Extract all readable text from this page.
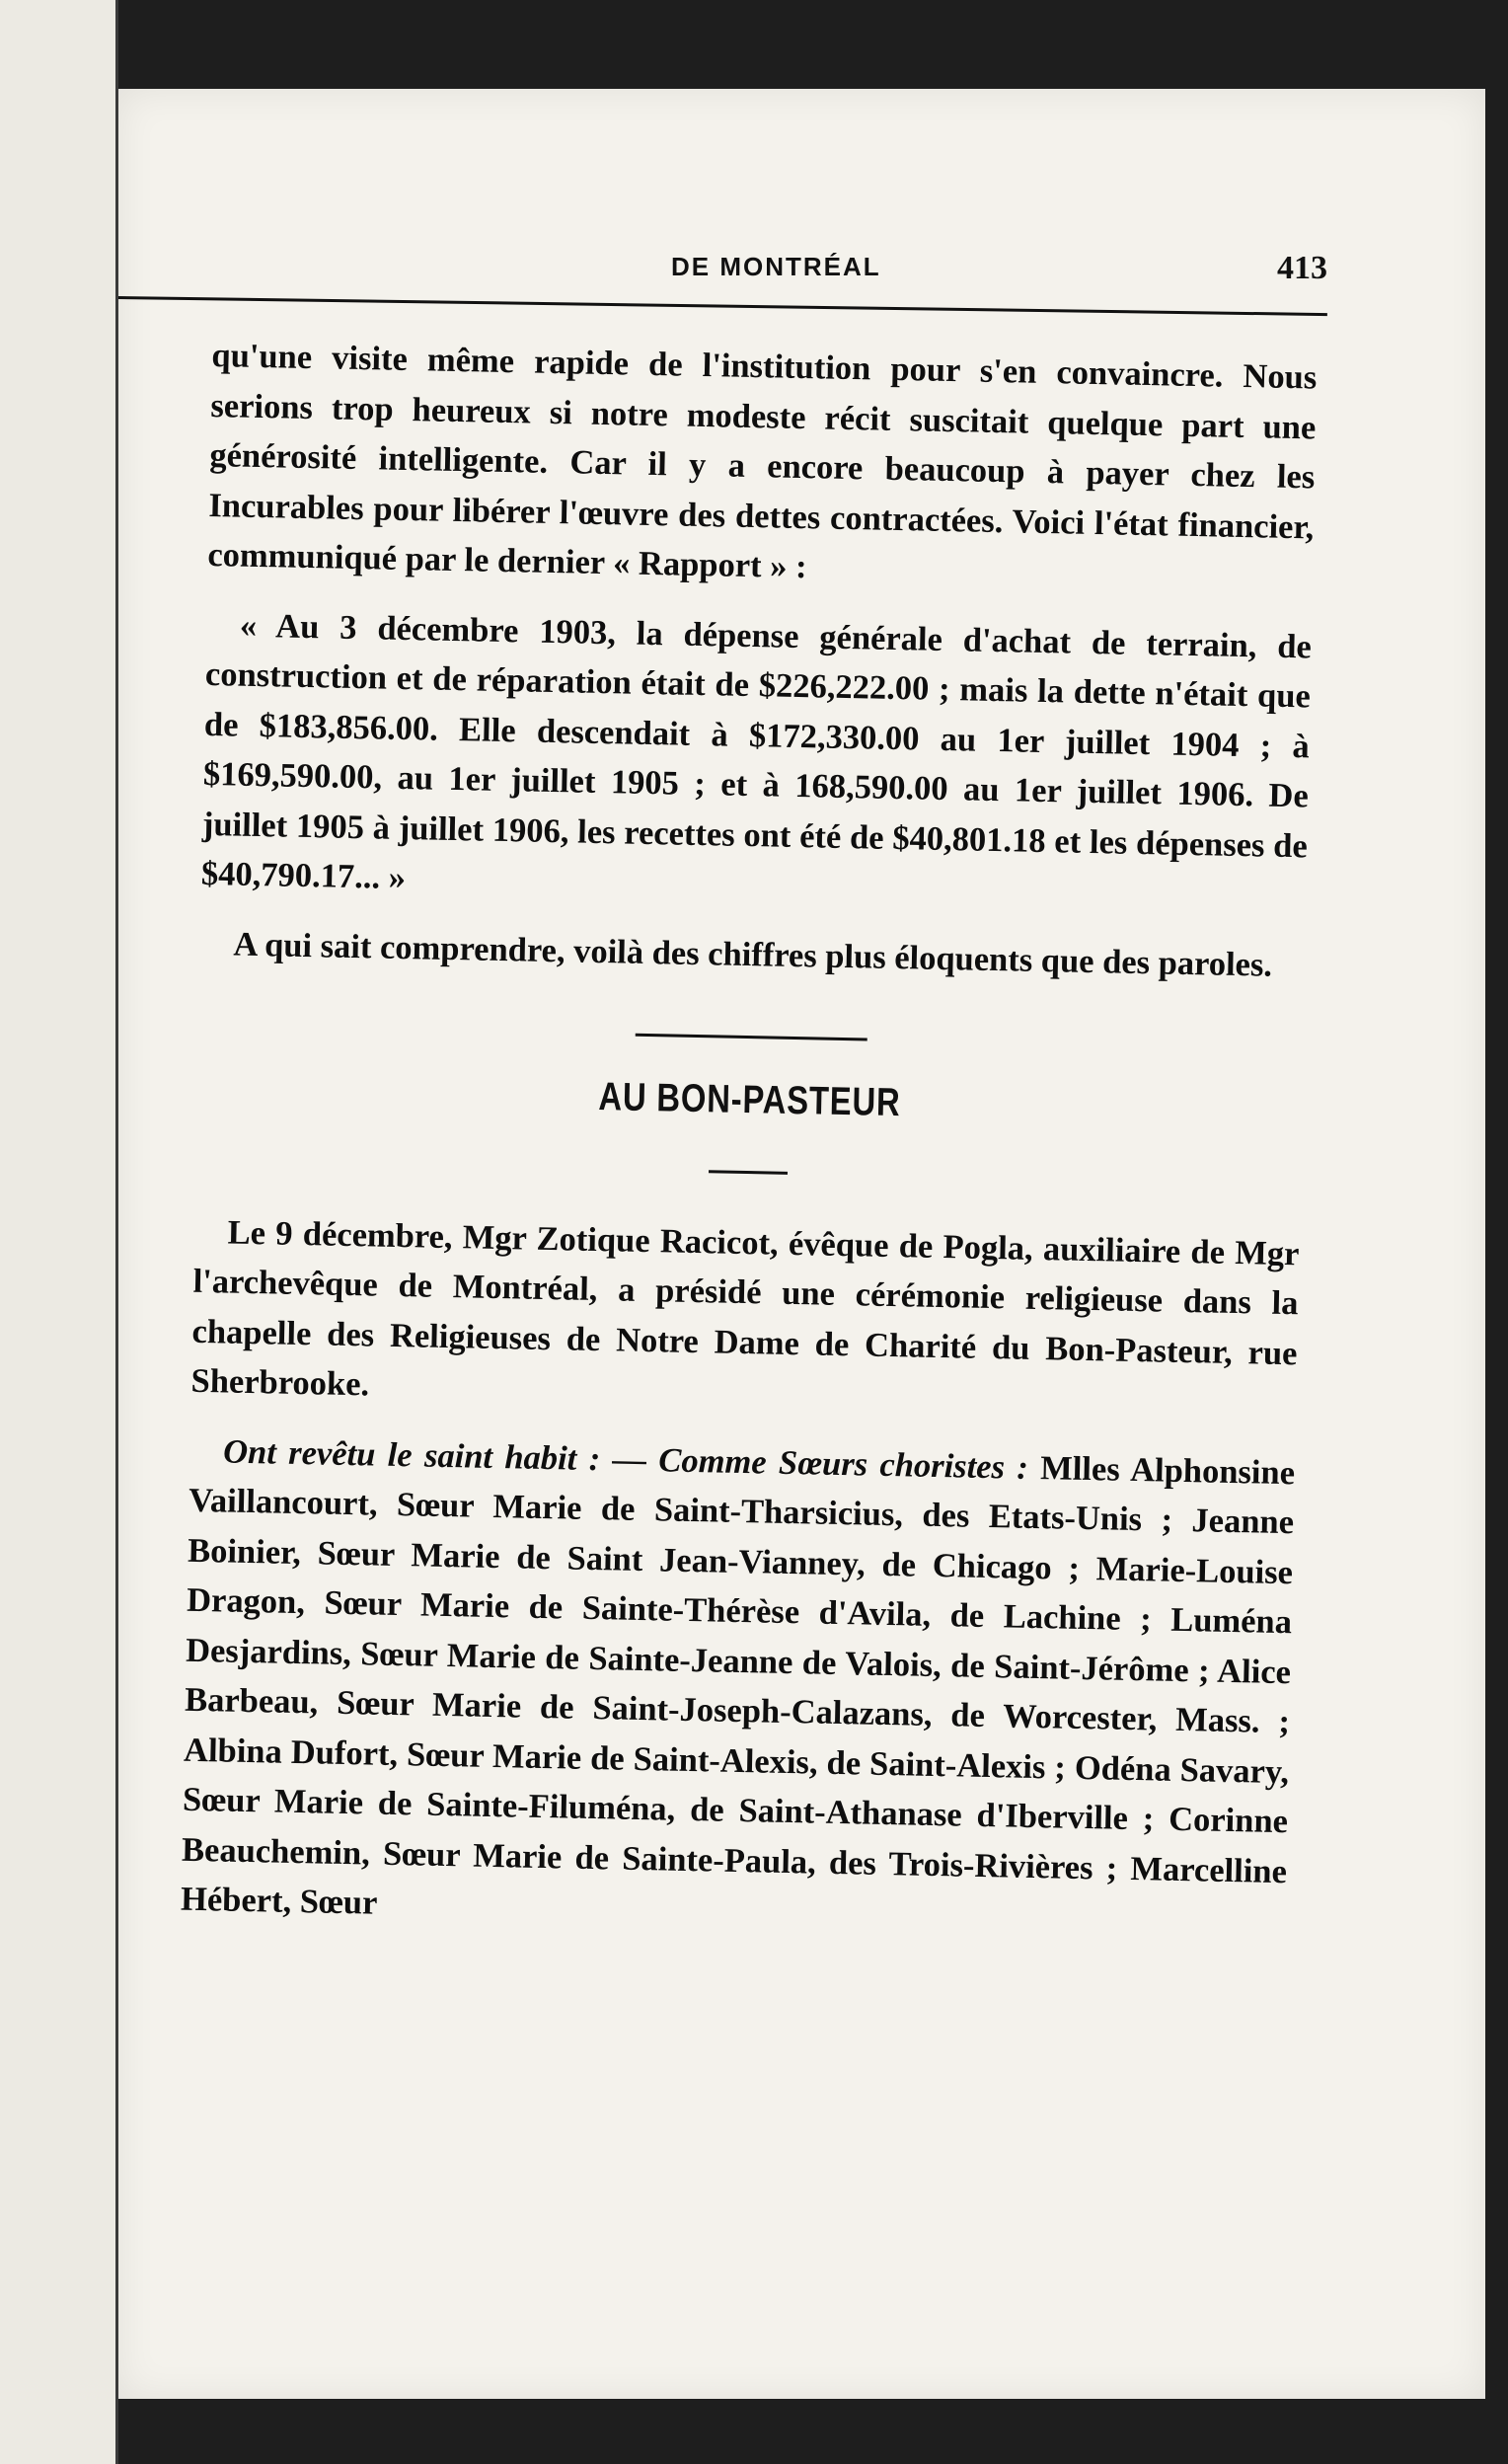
DE MONTRÉAL	413

qu'une visite même rapide de l'institution pour s'en convaincre. Nous serions trop heureux si notre modeste récit suscitait quelque part une générosité intelligente. Car il y a encore beaucoup à payer chez les Incurables pour libérer l'œuvre des dettes contractées. Voici l'état financier, communiqué par le dernier « Rapport » :

« Au 3 décembre 1903, la dépense générale d'achat de terrain, de construction et de réparation était de $226,222.00 ; mais la dette n'était que de $183,856.00. Elle descendait à $172,330.00 au 1er juillet 1904 ; à $169,590.00, au 1er juillet 1905 ; et à 168,590.00 au 1er juillet 1906. De juillet 1905 à juillet 1906, les recettes ont été de $40,801.18 et les dépenses de $40,790.17... »

A qui sait comprendre, voilà des chiffres plus éloquents que des paroles.

AU BON-PASTEUR

Le 9 décembre, Mgr Zotique Racicot, évêque de Pogla, auxiliaire de Mgr l'archevêque de Montréal, a présidé une cérémonie religieuse dans la chapelle des Religieuses de Notre Dame de Charité du Bon-Pasteur, rue Sherbrooke.

Ont revêtu le saint habit : — Comme Sœurs choristes : Mlles Alphonsine Vaillancourt, Sœur Marie de Saint-Tharsicius, des Etats-Unis ; Jeanne Boinier, Sœur Marie de Saint Jean-Vianney, de Chicago ; Marie-Louise Dragon, Sœur Marie de Sainte-Thérèse d'Avila, de Lachine ; Luména Desjardins, Sœur Marie de Sainte-Jeanne de Valois, de Saint-Jérôme ; Alice Barbeau, Sœur Marie de Saint-Joseph-Calazans, de Worcester, Mass. ; Albina Dufort, Sœur Marie de Saint-Alexis, de Saint-Alexis ; Odéna Savary, Sœur Marie de Sainte-Filuména, de Saint-Athanase d'Iberville ; Corinne Beauchemin, Sœur Marie de Sainte-Paula, des Trois-Rivières ; Marcelline Hébert, Sœur
